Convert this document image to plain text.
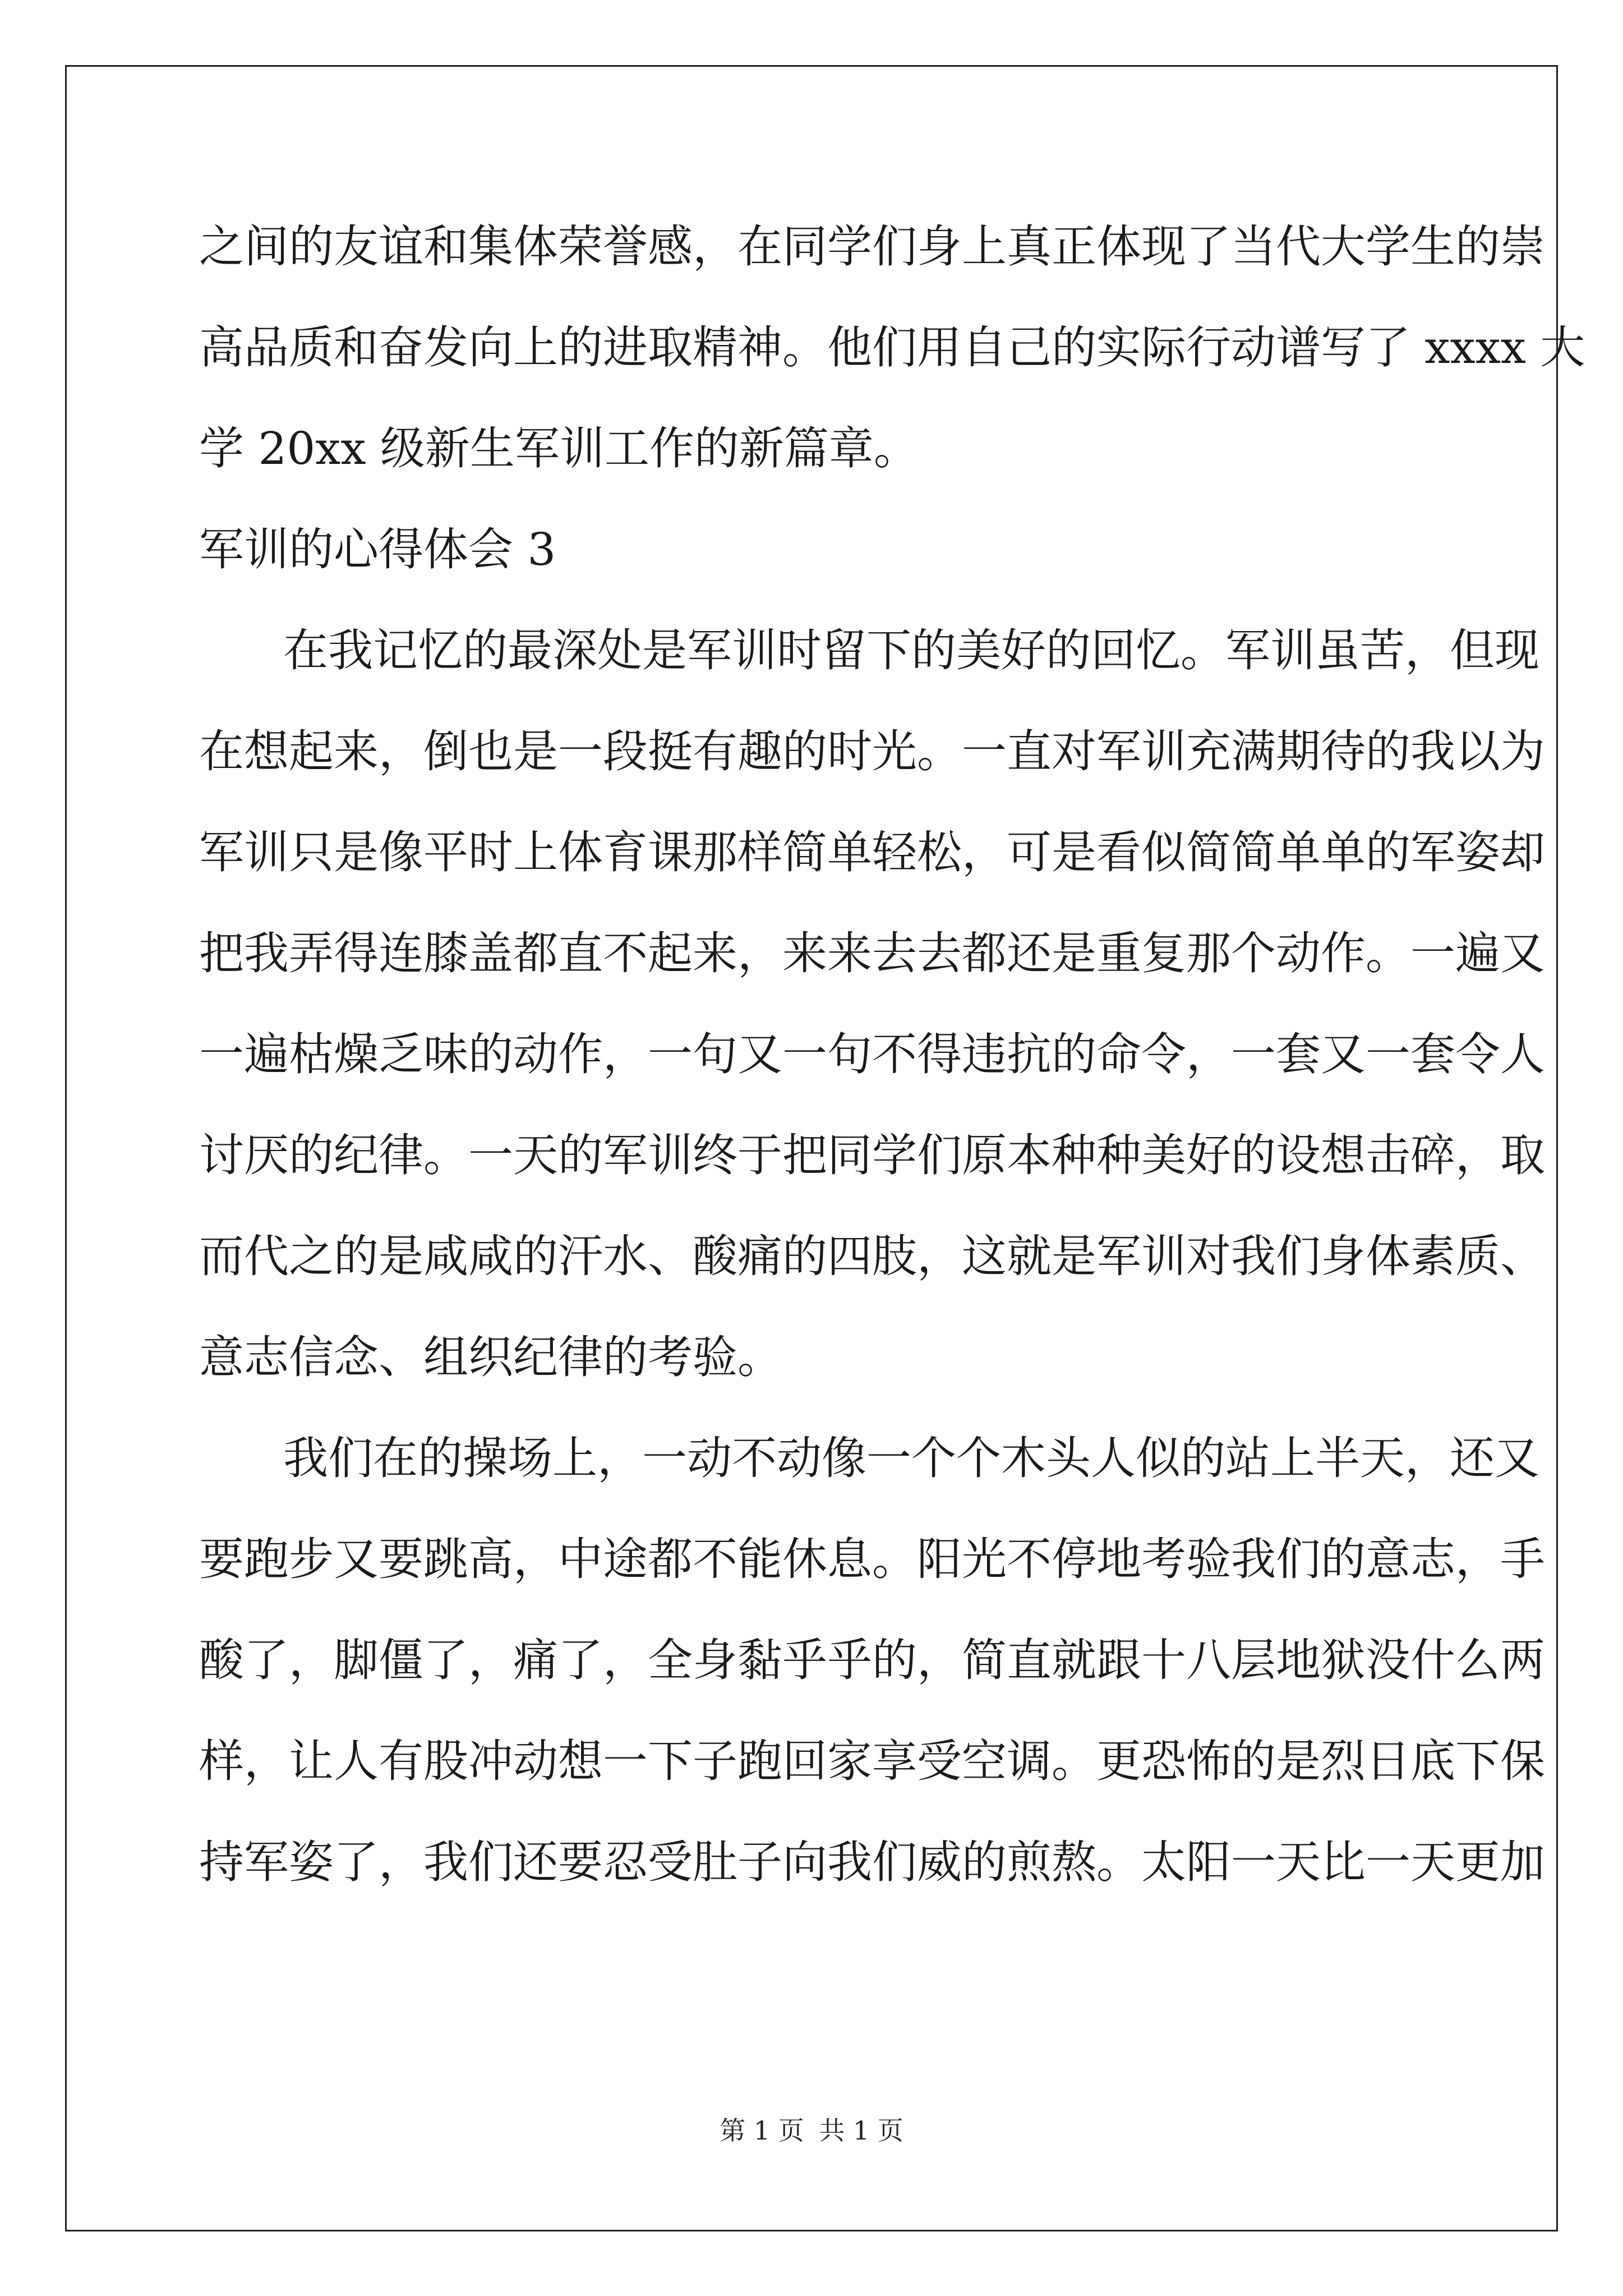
之间的友谊和集体荣誉感，在同学们身上真正体现了当代大学生的崇
高品质和奋发向上的进取精神。他们用自己的实际行动谱写了 xxxx 大
学 20xx 级新生军训工作的新篇章。
军训的心得体会 3
在我记忆的最深处是军训时留下的美好的回忆。军训虽苦，但现
在想起来，倒也是一段挺有趣的时光。一直对军训充满期待的我以为
军训只是像平时上体育课那样简单轻松，可是看似简简单单的军姿却
把我弄得连膝盖都直不起来，来来去去都还是重复那个动作。一遍又
一遍枯燥乏味的动作，一句又一句不得违抗的命令，一套又一套令人
讨厌的纪律。一天的军训终于把同学们原本种种美好的设想击碎，取
而代之的是咸咸的汗水、酸痛的四肢，这就是军训对我们身体素质、
意志信念、组织纪律的考验。
我们在的操场上，一动不动像一个个木头人似的站上半天，还又
要跑步又要跳高，中途都不能休息。阳光不停地考验我们的意志，手
酸了，脚僵了，痛了，全身黏乎乎的，简直就跟十八层地狱没什么两
样，让人有股冲动想一下子跑回家享受空调。更恐怖的是烈日底下保
持军姿了，我们还要忍受肚子向我们威的煎熬。太阳一天比一天更加
第 1 页 共 1 页
